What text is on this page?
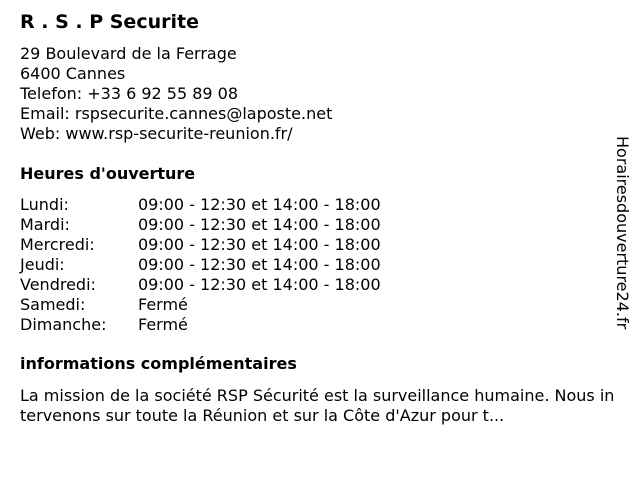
R . S . P Securite
29 Boulevard de la Ferrage
6400 Cannes
Telefon: +33 6 92 55 89 08
Email: rspsecurite.cannes@laposte.net
Web: www.rsp-securite-reunion.fr/
Heures d'ouverture
Lundi:	09:00 - 12:30 et 14:00 - 18:00
Mardi:	09:00 - 12:30 et 14:00 - 18:00
Mercredi:	09:00 - 12:30 et 14:00 - 18:00
Jeudi:	09:00 - 12:30 et 14:00 - 18:00
Vendredi:	09:00 - 12:30 et 14:00 - 18:00
Samedi:	Fermé
Dimanche:	Fermé
informations complémentaires
La mission de la société RSP Sécurité est la surveillance humaine. Nous intervenons sur toute la Réunion et sur la Côte d'Azur pour t...
Horairesdouverture24.fr
